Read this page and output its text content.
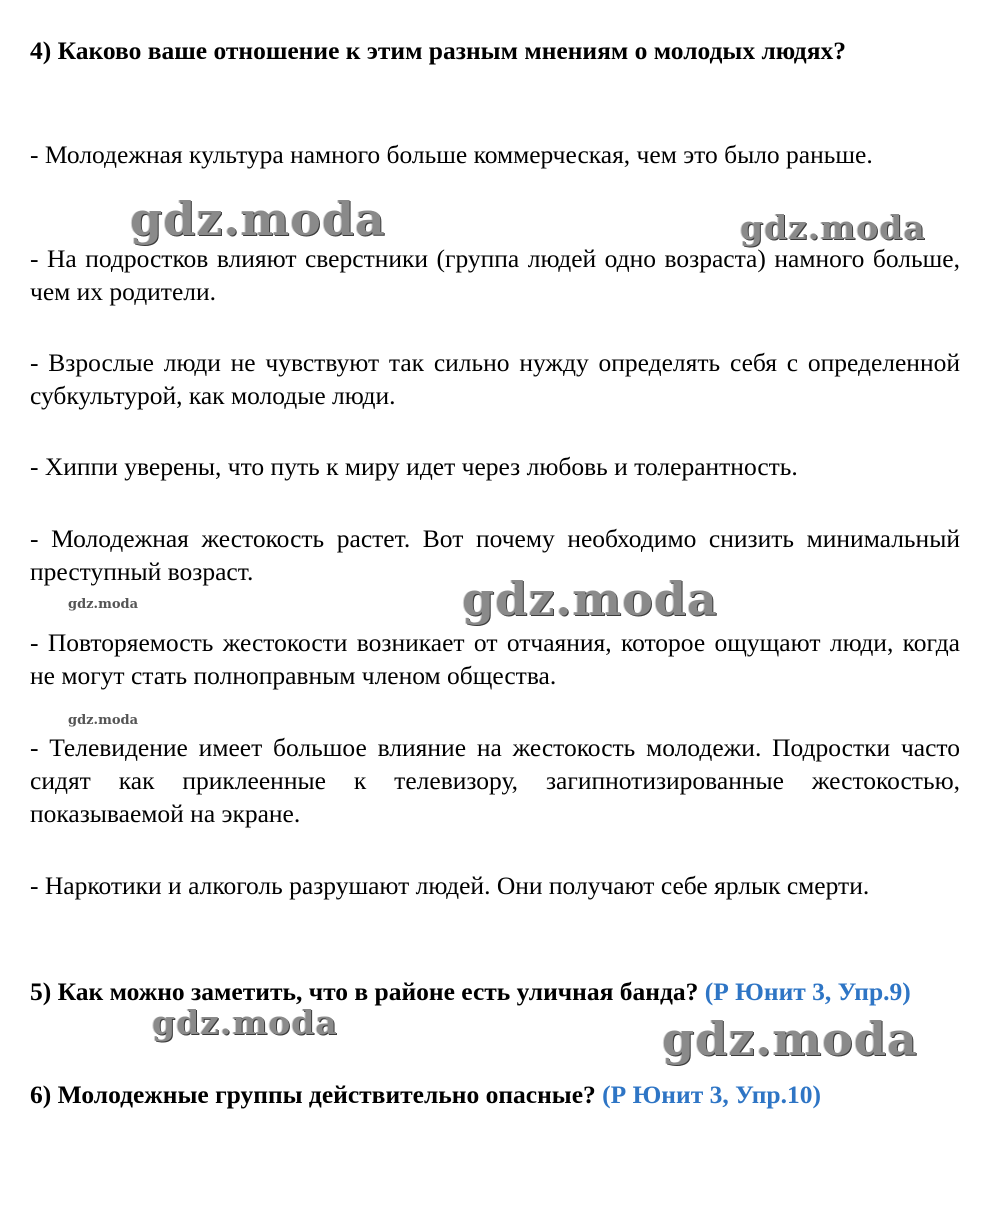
4) Каково ваше отношение к этим разным мнениям о молодых людях?
- Молодежная культура намного больше коммерческая, чем это было раньше.
- На подростков влияют сверстники (группа людей одно возраста) намного больше, чем их родители.
- Взрослые люди не чувствуют так сильно нужду определять себя с определенной субкультурой, как молодые люди.
- Хиппи уверены, что путь к миру идет через любовь и толерантность.
- Молодежная жестокость растет. Вот почему необходимо снизить минимальный преступный возраст.
- Повторяемость жестокости возникает от отчаяния, которое ощущают люди, когда не могут стать полноправным членом общества.
- Телевидение имеет большое влияние на жестокость молодежи. Подростки часто сидят как приклеенные к телевизору, загипнотизированные жестокостью, показываемой на экране.
- Наркотики и алкоголь разрушают людей. Они получают себе ярлык смерти.
5) Как можно заметить, что в районе есть уличная банда? (Р Юнит 3, Упр.9)
6) Молодежные группы действительно опасные? (Р Юнит 3, Упр.10)
gdz.moda	gdz.moda
gdz.moda
gdz.moda
gdz.moda
gdz.moda	gdz.moda
